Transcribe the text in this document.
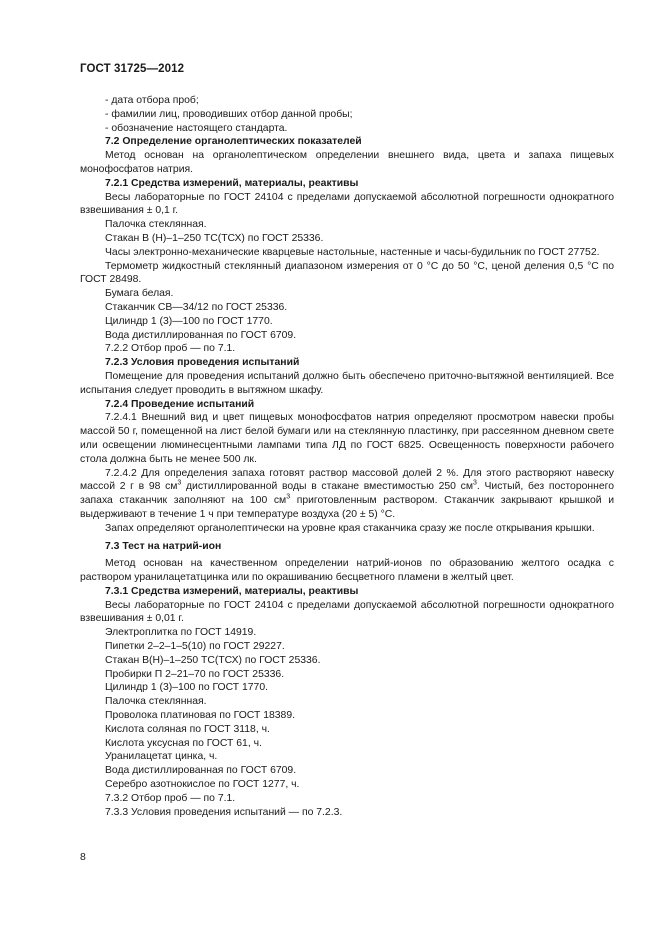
ГОСТ 31725—2012

- дата отбора проб;

- фамилии лиц, проводивших отбор данной пробы;

- обозначение настоящего стандарта.

7.2 Определение органолептических показателей

Метод основан на органолептическом определении внешнего вида, цвета и запаха пищевых монофосфатов натрия.

7.2.1 Средства измерений, материалы, реактивы

Весы лабораторные по ГОСТ 24104 с пределами допускаемой абсолютной погрешности однократного взвешивания ± 0,1 г.

Палочка стеклянная.

Стакан В (Н)–1–250 ТС(ТСХ) по ГОСТ 25336.

Часы электронно-механические кварцевые настольные, настенные и часы-будильник по ГОСТ 27752.

Термометр жидкостный стеклянный диапазоном измерения от 0 °С до 50 °С, ценой деления 0,5 °С по ГОСТ 28498.

Бумага белая.

Стаканчик СВ—34/12 по ГОСТ 25336.

Цилиндр 1 (3)—100 по ГОСТ 1770.

Вода дистиллированная по ГОСТ 6709.

7.2.2 Отбор проб — по 7.1.

7.2.3 Условия проведения испытаний

Помещение для проведения испытаний должно быть обеспечено приточно-вытяжной вентиляцией. Все испытания следует проводить в вытяжном шкафу.

7.2.4 Проведение испытаний

7.2.4.1 Внешний вид и цвет пищевых монофосфатов натрия определяют просмотром навески пробы массой 50 г, помещенной на лист белой бумаги или на стеклянную пластинку, при рассеянном дневном свете или освещении люминесцентными лампами типа ЛД по ГОСТ 6825. Освещенность поверхности рабочего стола должна быть не менее 500 лк.

7.2.4.2 Для определения запаха готовят раствор массовой долей 2 %. Для этого растворяют навеску массой 2 г в 98 $см^3$ дистиллированной воды в стакане вместимостью 250 $см^3$. Чистый, без постороннего запаха стаканчик заполняют на 100 $см^3$ приготовленным раствором. Стаканчик закрывают крышкой и выдерживают в течение 1 ч при температуре воздуха (20 ± 5) °С.

Запах определяют органолептически на уровне края стаканчика сразу же после открывания крышки.

7.3 Тест на натрий-ион

Метод основан на качественном определении натрий-ионов по образованию желтого осадка с раствором уранилацетатцинка или по окрашиванию бесцветного пламени в желтый цвет.

7.3.1 Средства измерений, материалы, реактивы

Весы лабораторные по ГОСТ 24104 с пределами допускаемой абсолютной погрешности однократного взвешивания ± 0,01 г.

Электроплитка по ГОСТ 14919.

Пипетки 2–2–1–5(10) по ГОСТ 29227.

Стакан В(Н)–1–250 ТС(ТСХ) по ГОСТ 25336.

Пробирки П 2–21–70 по ГОСТ 25336.

Цилиндр 1 (3)–100 по ГОСТ 1770.

Палочка стеклянная.

Проволока платиновая по ГОСТ 18389.

Кислота соляная по ГОСТ 3118, ч.

Кислота уксусная по ГОСТ 61, ч.

Уранилацетат цинка, ч.

Вода дистиллированная по ГОСТ 6709.

Серебро азотнокислое по ГОСТ 1277, ч.

7.3.2 Отбор проб — по 7.1.

7.3.3 Условия проведения испытаний — по 7.2.3.

8
